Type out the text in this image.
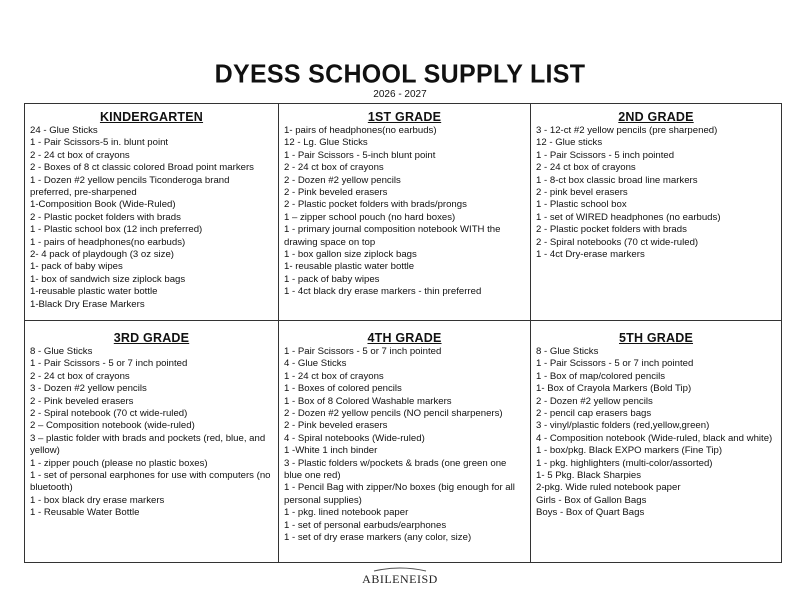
DYESS SCHOOL SUPPLY LIST
2026 - 2027
KINDERGARTEN
24 - Glue Sticks
1 - Pair Scissors-5 in. blunt point
2 - 24 ct box of crayons
2 - Boxes of 8 ct classic colored Broad point markers
1 - Dozen #2 yellow pencils Ticonderoga brand preferred, pre-sharpened
1-Composition Book (Wide-Ruled)
2 - Plastic pocket folders with brads
1 - Plastic school box (12 inch preferred)
1 - pairs of headphones(no earbuds)
2- 4 pack of playdough (3 oz size)
1- pack of baby wipes
1- box of sandwich size ziplock bags
1-reusable plastic water bottle
1-Black Dry Erase Markers
1ST GRADE
1- pairs of headphones(no earbuds)
12 - Lg. Glue Sticks
1 - Pair Scissors - 5-inch blunt point
2 - 24 ct box of crayons
2 - Dozen #2 yellow pencils
2 - Pink beveled erasers
2 - Plastic pocket folders with brads/prongs
1 – zipper school pouch (no hard boxes)
1 - primary journal composition notebook WITH the drawing space on top
1 - box gallon size ziplock bags
1- reusable plastic water bottle
1 - pack of baby wipes
1 - 4ct black dry erase markers - thin preferred
2ND GRADE
3 - 12-ct #2 yellow pencils (pre sharpened)
12 - Glue sticks
1 - Pair Scissors - 5 inch pointed
2 - 24 ct box of crayons
1 - 8-ct box classic broad line markers
2 - pink bevel erasers
1 - Plastic school box
1 - set of WIRED headphones (no earbuds)
2 - Plastic pocket folders with brads
2 - Spiral notebooks (70 ct wide-ruled)
1 - 4ct Dry-erase markers
3RD GRADE
8 - Glue Sticks
1 - Pair Scissors - 5 or 7 inch pointed
2 - 24 ct box of crayons
3 - Dozen #2 yellow pencils
2 - Pink beveled erasers
2 - Spiral notebook (70 ct wide-ruled)
2 – Composition notebook (wide-ruled)
3 – plastic folder with brads and pockets (red, blue, and yellow)
1 - zipper pouch (please no plastic boxes)
1 - set of personal earphones for use with computers (no bluetooth)
1 - box black dry erase markers
1 - Reusable Water Bottle
4TH GRADE
1 - Pair Scissors - 5 or 7 inch pointed
4 - Glue Sticks
1 - 24 ct box of crayons
1 - Boxes of colored pencils
1 - Box of 8 Colored Washable markers
2 - Dozen #2 yellow pencils (NO pencil sharpeners)
2 - Pink beveled erasers
4 - Spiral notebooks (Wide-ruled)
1 -White 1 inch binder
3 - Plastic folders w/pockets & brads (one green one blue one red)
1 - Pencil Bag with zipper/No boxes (big enough for all personal supplies)
1 - pkg. lined notebook paper
1 - set of personal earbuds/earphones
1 - set of dry erase markers (any color, size)
5TH GRADE
8 - Glue Sticks
1 - Pair Scissors - 5 or 7 inch pointed
1 - Box of map/colored pencils
1- Box of Crayola Markers (Bold Tip)
2 - Dozen #2 yellow pencils
2 - pencil cap erasers bags
3 - vinyl/plastic folders (red,yellow,green)
4 - Composition notebook (Wide-ruled, black and white)
1 - box/pkg. Black EXPO markers (Fine Tip)
1 - pkg. highlighters (multi-color/assorted)
1- 5 Pkg. Black Sharpies
2-pkg. Wide ruled notebook paper
Girls - Box of Gallon Bags
Boys - Box of Quart Bags
ABILENEISD
